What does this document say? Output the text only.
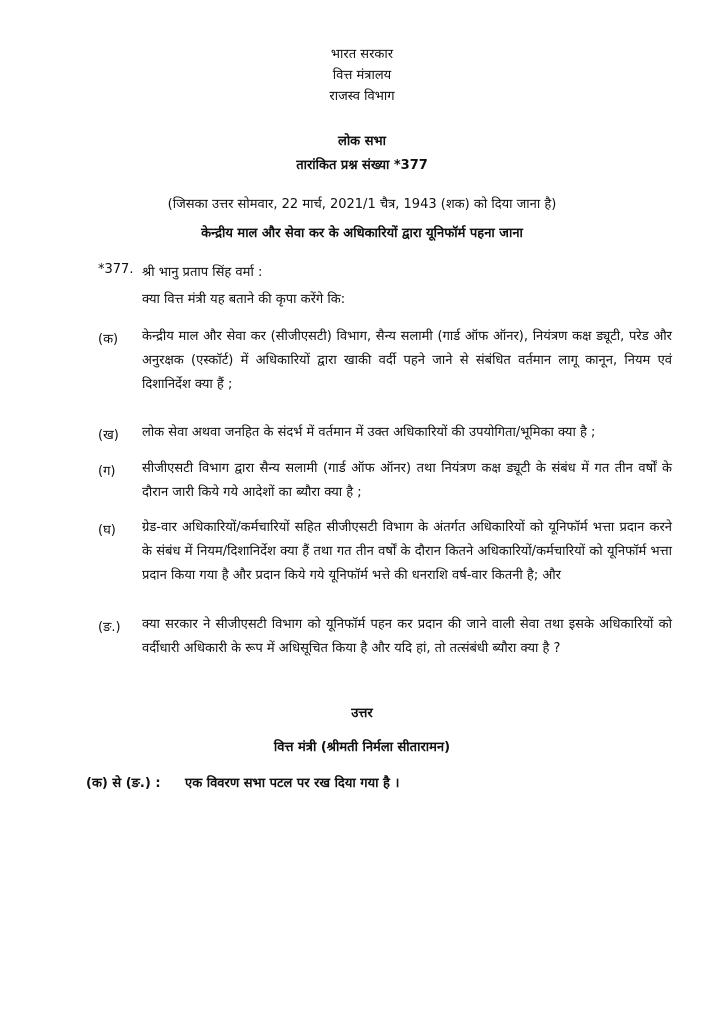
भारत सरकार
वित्त मंत्रालय
राजस्व विभाग
लोक सभा
तारांकित प्रश्न संख्या *377
(जिसका उत्तर सोमवार, 22 मार्च, 2021/1 चैत्र, 1943 (शक) को दिया जाना है)
केन्द्रीय माल और सेवा कर के अधिकारियों द्वारा यूनिफॉर्म पहना जाना
*377. श्री भानु प्रताप सिंह वर्मा :
क्या वित्त मंत्री यह बताने की कृपा करेंगे कि:
(क) केन्द्रीय माल और सेवा कर (सीजीएसटी) विभाग, सैन्य सलामी (गार्ड ऑफ ऑनर), नियंत्रण कक्ष ड्यूटी, परेड और अनुरक्षक (एस्कॉर्ट) में अधिकारियों द्वारा खाकी वर्दी पहने जाने से संबंधित वर्तमान लागू कानून, नियम एवं दिशानिर्देश क्या हैं ;
(ख) लोक सेवा अथवा जनहित के संदर्भ में वर्तमान में उक्त अधिकारियों की उपयोगिता/भूमिका क्या है ;
(ग) सीजीएसटी विभाग द्वारा सैन्य सलामी (गार्ड ऑफ ऑनर) तथा नियंत्रण कक्ष ड्यूटी के संबंध में गत तीन वर्षों के दौरान जारी किये गये आदेशों का ब्यौरा क्या है ;
(घ) ग्रेड-वार अधिकारियों/कर्मचारियों सहित सीजीएसटी विभाग के अंतर्गत अधिकारियों को यूनिफॉर्म भत्ता प्रदान करने के संबंध में नियम/दिशानिर्देश क्या हैं तथा गत तीन वर्षों के दौरान कितने अधिकारियों/कर्मचारियों को यूनिफॉर्म भत्ता प्रदान किया गया है और प्रदान किये गये यूनिफॉर्म भत्ते की धनराशि वर्ष-वार कितनी है; और
(ङ.) क्या सरकार ने सीजीएसटी विभाग को यूनिफॉर्म पहन कर प्रदान की जाने वाली सेवा तथा इसके अधिकारियों को वर्दीधारी अधिकारी के रूप में अधिसूचित किया है और यदि हां, तो तत्संबंधी ब्यौरा क्या है ?
उत्तर
वित्त मंत्री (श्रीमती निर्मला सीतारामन)
(क) से (ङ.) : एक विवरण सभा पटल पर रख दिया गया है ।
